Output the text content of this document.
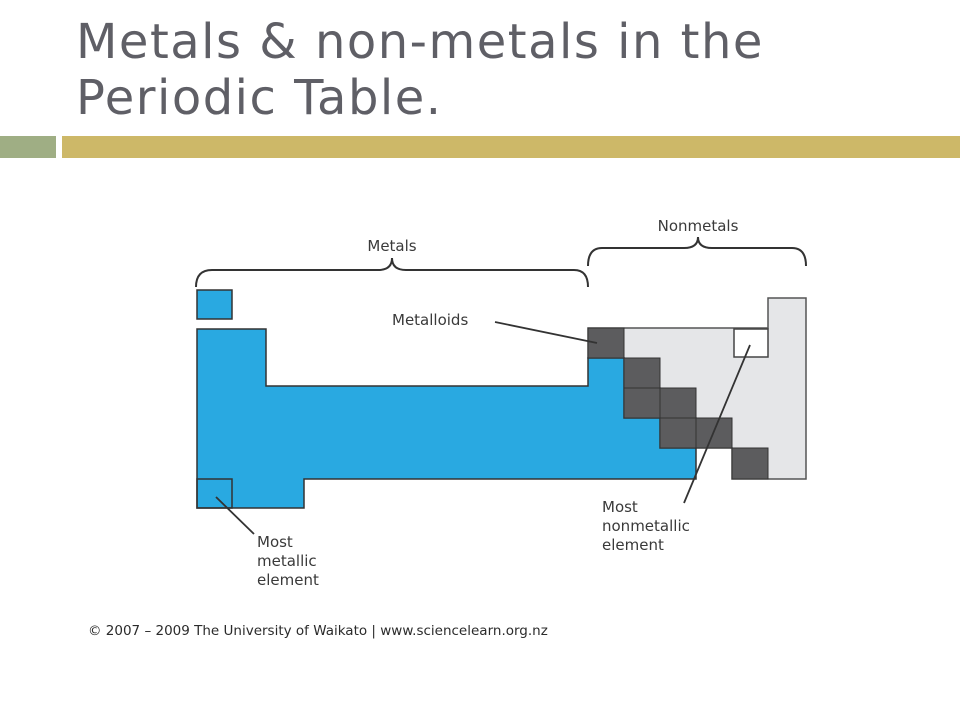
Metals & non-metals in the
Periodic Table.
Metals
Nonmetals
Metalloids
Most metallic element
Most nonmetallic element

© 2007 – 2009 The University of Waikato | www.sciencelearn.org.nz
